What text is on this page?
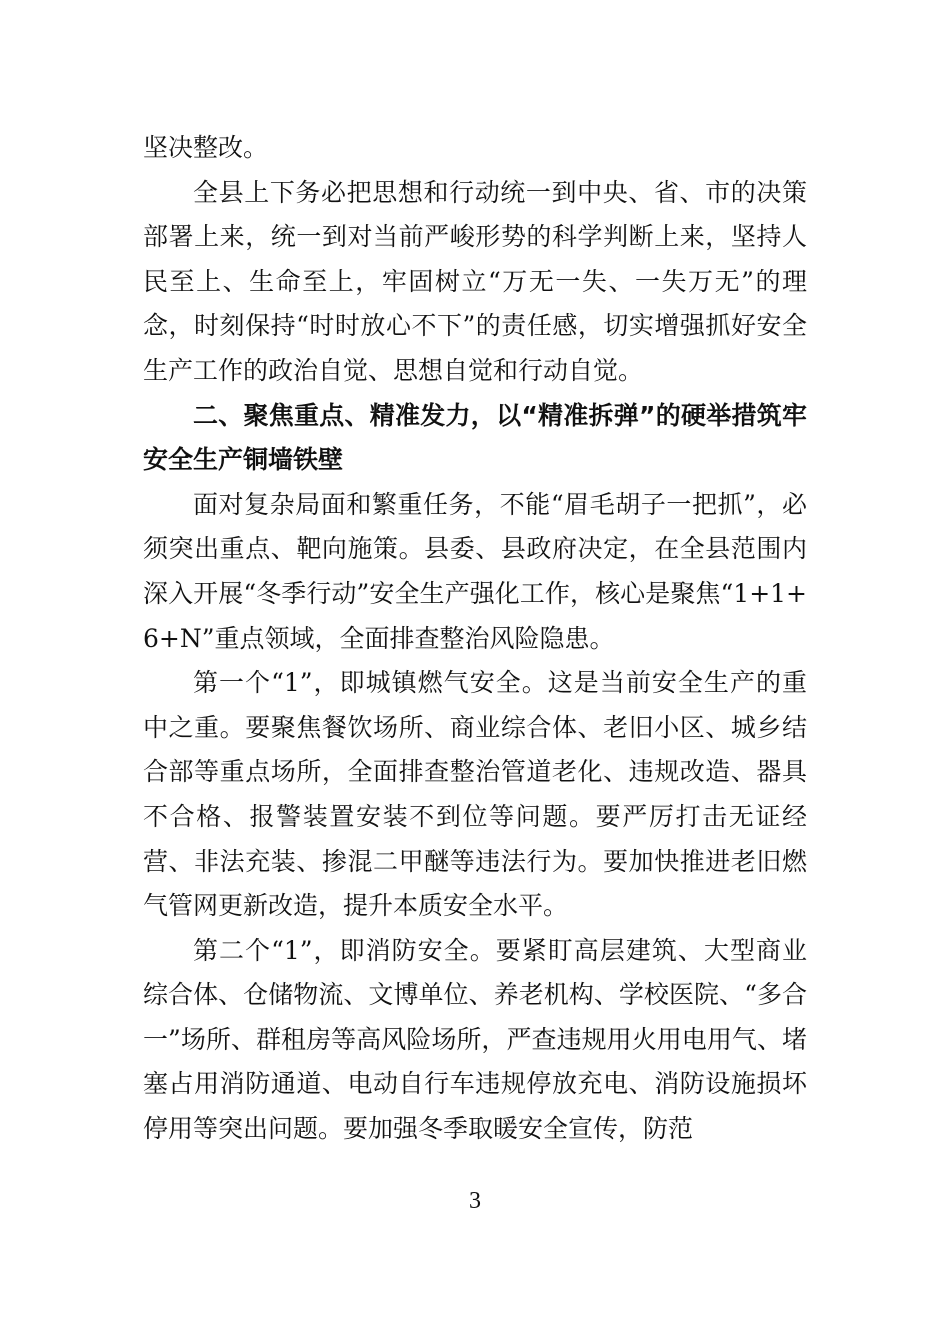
坚决整改。

全县上下务必把思想和行动统一到中央、省、市的决策部署上来，统一到对当前严峻形势的科学判断上来，坚持人民至上、生命至上，牢固树立“万无一失、一失万无”的理念，时刻保持“时时放心不下”的责任感，切实增强抓好安全生产工作的政治自觉、思想自觉和行动自觉。

二、聚焦重点、精准发力，以“精准拆弹”的硬举措筑牢安全生产铜墙铁壁

面对复杂局面和繁重任务，不能“眉毛胡子一把抓”，必须突出重点、靶向施策。县委、县政府决定，在全县范围内深入开展“冬季行动”安全生产强化工作，核心是聚焦“1+1+6+N”重点领域，全面排查整治风险隐患。

第一个“1”，即城镇燃气安全。这是当前安全生产的重中之重。要聚焦餐饮场所、商业综合体、老旧小区、城乡结合部等重点场所，全面排查整治管道老化、违规改造、器具不合格、报警装置安装不到位等问题。要严厉打击无证经营、非法充装、掺混二甲醚等违法行为。要加快推进老旧燃气管网更新改造，提升本质安全水平。

第二个“1”，即消防安全。要紧盯高层建筑、大型商业综合体、仓储物流、文博单位、养老机构、学校医院、“多合一”场所、群租房等高风险场所，严查违规用火用电用气、堵塞占用消防通道、电动自行车违规停放充电、消防设施损坏停用等突出问题。要加强冬季取暖安全宣传，防范

3
